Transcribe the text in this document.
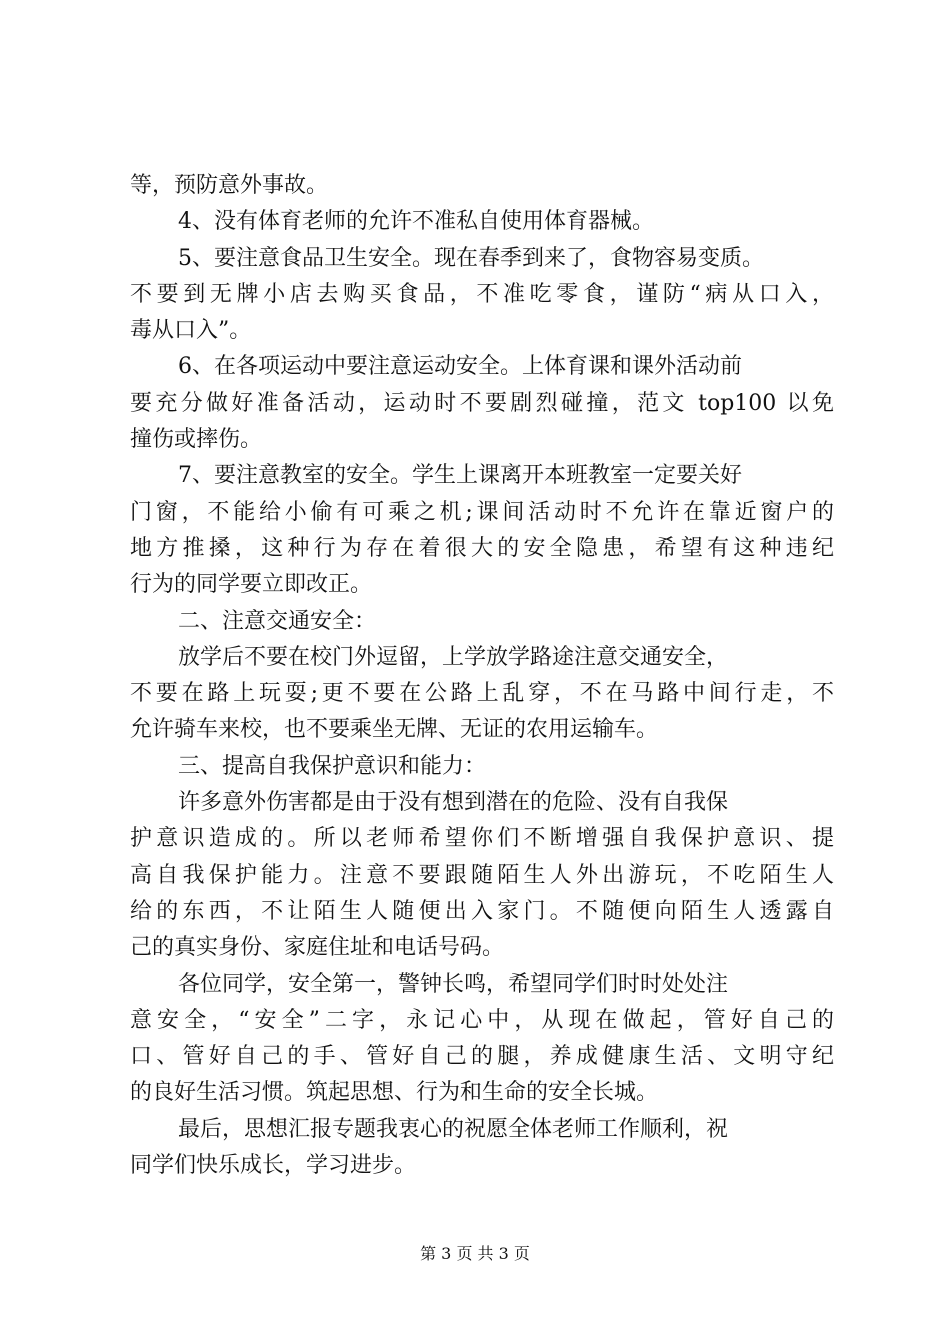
等，预防意外事故。
4、没有体育老师的允许不准私自使用体育器械。
5、要注意食品卫生安全。现在春季到来了，食物容易变质。
不要到无牌小店去购买食品，不准吃零食，谨防“病从口入，
毒从口入”。
6、在各项运动中要注意运动安全。上体育课和课外活动前
要充分做好准备活动，运动时不要剧烈碰撞，范文 top100 以免
撞伤或摔伤。
7、要注意教室的安全。学生上课离开本班教室一定要关好
门窗，不能给小偷有可乘之机;课间活动时不允许在靠近窗户的
地方推搡，这种行为存在着很大的安全隐患，希望有这种违纪
行为的同学要立即改正。
二、注意交通安全：
放学后不要在校门外逗留，上学放学路途注意交通安全，
不要在路上玩耍;更不要在公路上乱穿，不在马路中间行走，不
允许骑车来校，也不要乘坐无牌、无证的农用运输车。
三、提高自我保护意识和能力：
许多意外伤害都是由于没有想到潜在的危险、没有自我保
护意识造成的。所以老师希望你们不断增强自我保护意识、提
高自我保护能力。注意不要跟随陌生人外出游玩，不吃陌生人
给的东西，不让陌生人随便出入家门。不随便向陌生人透露自
己的真实身份、家庭住址和电话号码。
各位同学，安全第一，警钟长鸣，希望同学们时时处处注
意安全，“安全”二字，永记心中，从现在做起，管好自己的
口、管好自己的手、管好自己的腿，养成健康生活、文明守纪
的良好生活习惯。筑起思想、行为和生命的安全长城。
最后，思想汇报专题我衷心的祝愿全体老师工作顺利，祝
同学们快乐成长，学习进步。
第 3 页 共 3 页
